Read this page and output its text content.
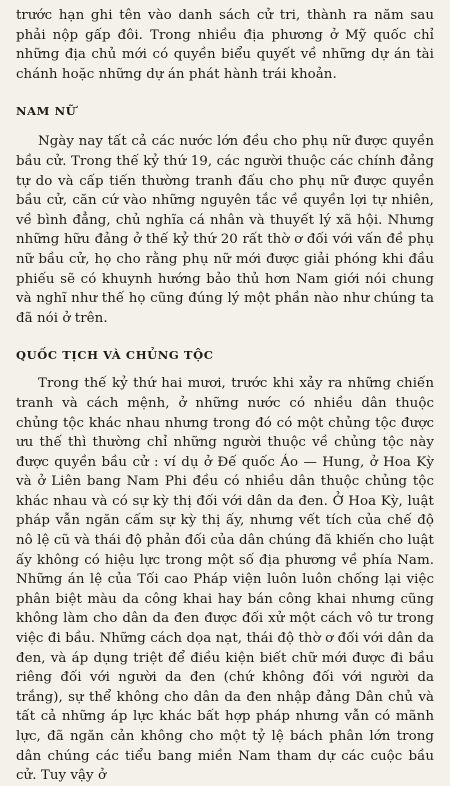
trước hạn ghi tên vào danh sách cử tri, thành ra năm sau phải nộp gấp đôi. Trong nhiều địa phương ở Mỹ quốc chỉ những địa chủ mới có quyền biểu quyết về những dự án tài chánh hoặc những dự án phát hành trái khoản.

NAM NỮ

Ngày nay tất cả các nước lớn đều cho phụ nữ được quyền bầu cử. Trong thế kỷ thứ 19, các người thuộc các chính đảng tự do và cấp tiến thường tranh đấu cho phụ nữ được quyền bầu cử, căn cứ vào những nguyên tắc về quyền lợi tự nhiên, về bình đẳng, chủ nghĩa cá nhân và thuyết lý xã hội. Nhưng những hữu đảng ở thế kỷ thứ 20 rất thờ ơ đối với vấn đề phụ nữ bầu cử, họ cho rằng phụ nữ mới được giải phóng khi đầu phiếu sẽ có khuynh hướng bảo thủ hơn Nam giới nói chung và nghĩ như thế họ cũng đúng lý một phần nào như chúng ta đã nói ở trên.

QUỐC TỊCH VÀ CHỦNG TỘC

Trong thế kỷ thứ hai mươi, trước khi xảy ra những chiến tranh và cách mệnh, ở những nước có nhiều dân thuộc chủng tộc khác nhau nhưng trong đó có một chủng tộc được ưu thế thì thường chỉ những người thuộc về chủng tộc này được quyền bầu cử : ví dụ ở Đế quốc Áo — Hung, ở Hoa Kỳ và ở Liên bang Nam Phi đều có nhiều dân thuộc chủng tộc khác nhau và có sự kỳ thị đối với dân da đen. Ở Hoa Kỳ, luật pháp vẫn ngăn cấm sự kỳ thị ấy, nhưng vết tích của chế độ nô lệ cũ và thái độ phản đối của dân chúng đã khiến cho luật ấy không có hiệu lực trong một số địa phương về phía Nam. Những án lệ của Tối cao Pháp viện luôn luôn chống lại việc phân biệt màu da công khai hay bán công khai nhưng cũng không làm cho dân da đen được đối xử một cách vô tư trong việc đi bầu. Những cách dọa nạt, thái độ thờ ơ đối với dân da đen, và áp dụng triệt để điều kiện biết chữ mới được đi bầu riêng đối với người da đen (chứ không đối với người da trắng), sự thể không cho dân da đen nhập đảng Dân chủ và tất cả những áp lực khác bất hợp pháp nhưng vẫn có mãnh lực, đã ngăn cản không cho một tỷ lệ bách phân lớn trong dân chúng các tiểu bang miền Nam tham dự các cuộc bầu cử. Tuy vậy ở
